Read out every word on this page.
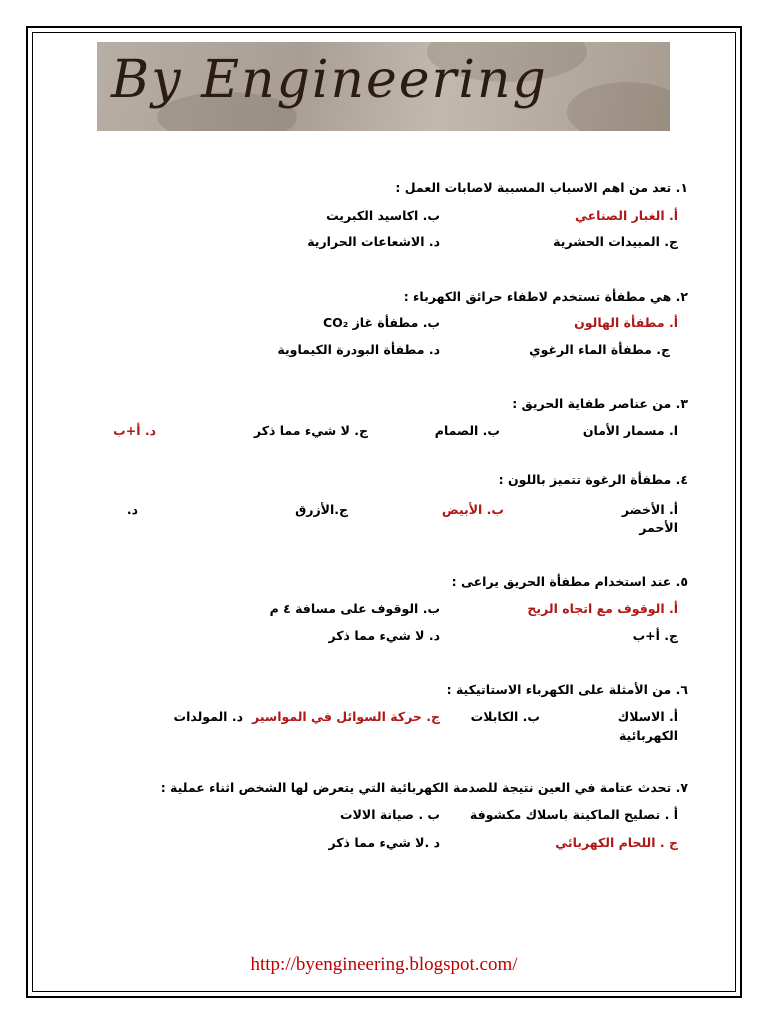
By Engineering
١. تعد من اهم الاسباب المسببة لاصابات العمل :
أ. الغبار الصناعي
ب. اكاسيد الكبريت
ج. المبيدات الحشرية
د. الاشعاعات الحرارية
٢. هي مطفأة تستخدم لاطفاء حرائق الكهرباء :
أ. مطفأة الهالون
ب. مطفأة غاز CO₂
ج. مطفأة الماء الرغوي
د. مطفأة البودرة الكيماوية
٣. من عناصر طفاية الحريق :
ا. مسمار الأمان
ب. الصمام
ج. لا شيء مما ذكر
د. أ+ب
٤. مطفأة الرغوة تتميز باللون :
أ. الأخضر
ب. الأبيض
ج.الأزرق
د.
الأحمر
٥. عند استخدام مطفأة الحريق يراعى :
أ. الوقوف مع اتجاه الريح
ب. الوقوف على مسافة ٤ م
ج. أ+ب
د. لا شيء مما ذكر
٦. من الأمثلة على الكهرباء الاستاتيكية :
أ. الاسلاك
ب. الكابلات
ج. حركة السوائل في المواسير
د. المولدات
الكهربائية
٧. تحدث عتامة في العين نتيجة للصدمة الكهربائية التي يتعرض لها الشخص اثناء عملية :
أ . تصليح الماكينة باسلاك مكشوفة
ب . صيانة الالات
ج . اللحام الكهربائي
د .لا شيء مما ذكر
http://byengineering.blogspot.com/
